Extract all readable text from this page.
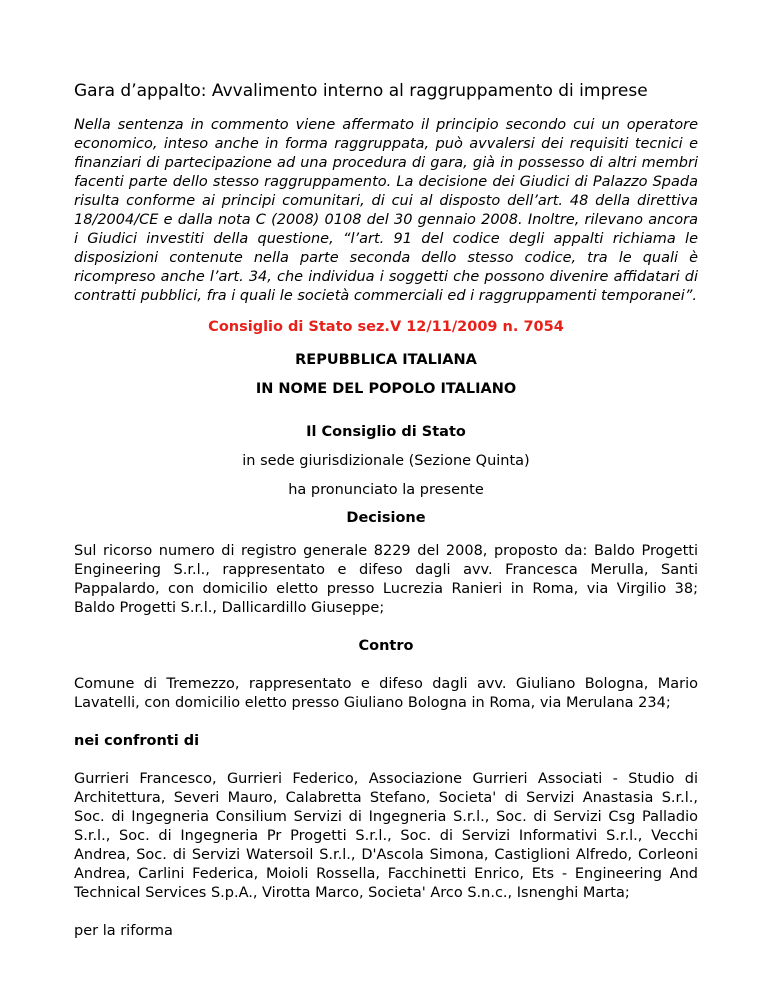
Gara d’appalto: Avvalimento interno al raggruppamento di imprese

Nella sentenza in commento viene affermato il principio secondo cui un operatore economico, inteso anche in forma raggruppata, può avvalersi dei requisiti tecnici e finanziari di partecipazione ad una procedura di gara, già in possesso di altri membri facenti parte dello stesso raggruppamento. La decisione dei Giudici di Palazzo Spada risulta conforme ai principi comunitari, di cui al disposto dell’art. 48 della direttiva 18/2004/CE e dalla nota C (2008) 0108 del 30 gennaio 2008. Inoltre, rilevano ancora i Giudici investiti della questione, “l’art. 91 del codice degli appalti richiama le disposizioni contenute nella parte seconda dello stesso codice, tra le quali è ricompreso anche l’art. 34, che individua i soggetti che possono divenire affidatari di contratti pubblici, fra i quali le società commerciali ed i raggruppamenti temporanei”.

Consiglio di Stato sez.V 12/11/2009 n. 7054

REPUBBLICA ITALIANA

IN NOME DEL POPOLO ITALIANO

Il Consiglio di Stato

in sede giurisdizionale (Sezione Quinta)

ha pronunciato la presente

Decisione

Sul ricorso numero di registro generale 8229 del 2008, proposto da: Baldo Progetti Engineering S.r.l., rappresentato e difeso dagli avv. Francesca Merulla, Santi Pappalardo, con domicilio eletto presso Lucrezia Ranieri in Roma, via Virgilio 38; Baldo Progetti S.r.l., Dallicardillo Giuseppe;

Contro

Comune di Tremezzo, rappresentato e difeso dagli avv. Giuliano Bologna, Mario Lavatelli, con domicilio eletto presso Giuliano Bologna in Roma, via Merulana 234;

nei confronti di

Gurrieri Francesco, Gurrieri Federico, Associazione Gurrieri Associati - Studio di Architettura, Severi Mauro, Calabretta Stefano, Societa' di Servizi Anastasia S.r.l., Soc. di Ingegneria Consilium Servizi di Ingegneria S.r.l., Soc. di Servizi Csg Palladio S.r.l., Soc. di Ingegneria Pr Progetti S.r.l., Soc. di Servizi Informativi S.r.l., Vecchi Andrea, Soc. di Servizi Watersoil S.r.l., D'Ascola Simona, Castiglioni Alfredo, Corleoni Andrea, Carlini Federica, Moioli Rossella, Facchinetti Enrico, Ets - Engineering And Technical Services S.p.A., Virotta Marco, Societa' Arco S.n.c., Isnenghi Marta;

per la riforma
